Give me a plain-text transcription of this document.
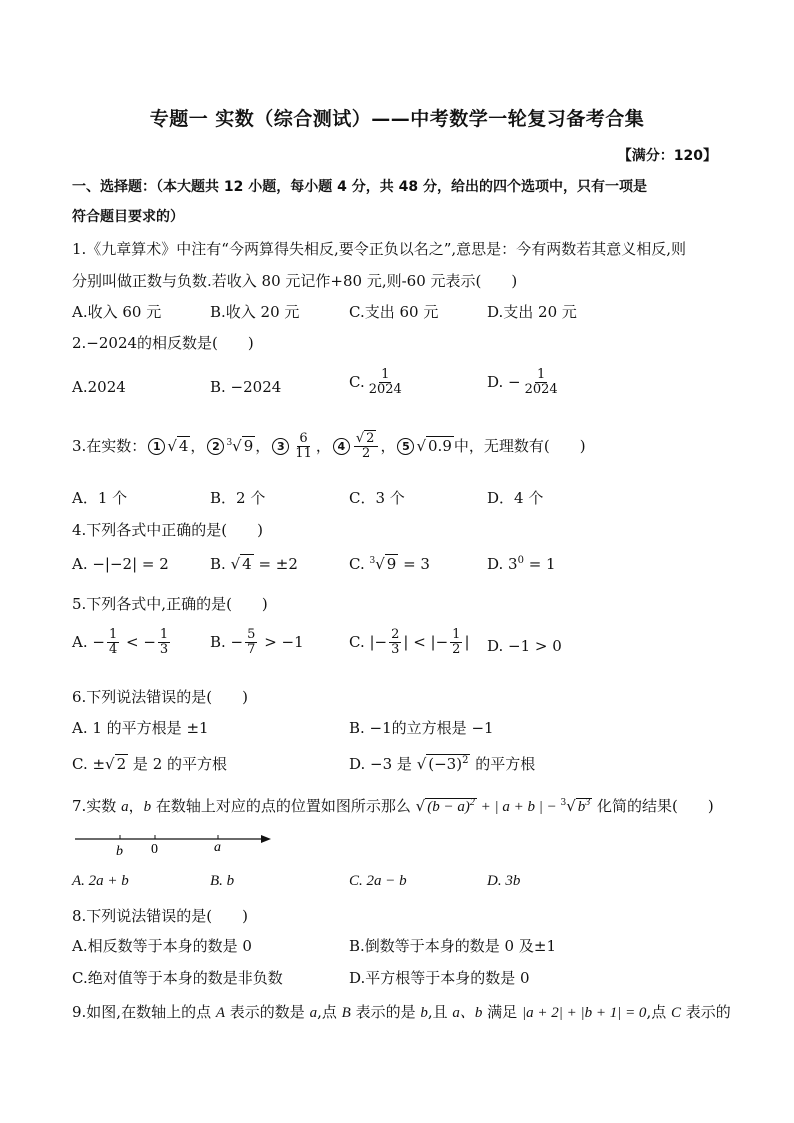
专题一 实数（综合测试）——中考数学一轮复习备考合集
【满分：120】
一、选择题：（本大题共 12 小题，每小题 4 分，共 48 分，给出的四个选项中，只有一项是
符合题目要求的）
1.《九章算术》中注有“今两算得失相反,要令正负以名之”,意思是：今有两数若其意义相反,则
分别叫做正数与负数.若收入 80 元记作+80 元,则-60 元表示(　　)
A.收入 60 元	B.收入 20 元	C.支出 60 元	D.支出 20 元
2.−2024的相反数是(　　)
A.2024	B. −2024	C. $\frac{1}{2024}$	D. − $\frac{1}{2024}$
3.在实数： 1 √ 4 ， 2 $^3$√ 9 ， $3 \frac{6}{11}$ ， $4 \frac{√ 2}{2}$ ， 5 √ 0.9 中，无理数有(　　)
A．1 个	B．2 个	C．3 个	D．4 个
4.下列各式中正确的是(　　)
A. −|−2| = 2	B. √ 4 = ±2	C. $^3$√ 9 = 3	D. $3^0 = 1$
5.下列各式中,正确的是(　　)
A. − $\frac{1}{4}$ < − $\frac{1}{3}$	B. − $\frac{5}{7} > -1$	C. |− $\frac{2}{3}$ | < |− $\frac{1}{2}$ | D. −1 > 0
6.下列说法错误的是(　　)
A. 1 的平方根是 ±1	B. −1的立方根是 −1
C. ±√ 2 是 2 的平方根	D. −3 是 √ $(-3)^2$ 的平方根
7.实数 a，b 在数轴上对应的点的位置如图所示那么 √ $(b - a)^2$ + | a + b | − $^3$√ $b^3$ 化简的结果(　　)
b 0	a
A. 2a + b	B. b	C. 2a − b	D. 3b
8.下列说法错误的是(　　)
A.相反数等于本身的数是 0	B.倒数等于本身的数是 0 及±1
C.绝对值等于本身的数是非负数	D.平方根等于本身的数是 0
9.如图,在数轴上的点 A 表示的数是 a,点 B 表示的是 b,且 a、b 满足 |a + 2| + |b + 1| = 0,点 C 表示的
